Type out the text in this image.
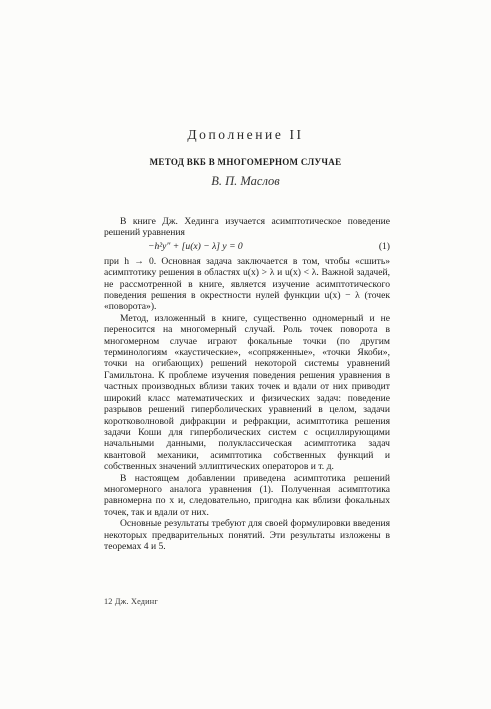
Дополнение II
МЕТОД ВКБ В МНОГОМЕРНОМ СЛУЧАЕ
В. П. Маслов

В книге Дж. Хединга изучается асимптотическое поведение решений уравнения

−h²y″ + [u(x) − λ] y = 0	(1)

при h → 0. Основная задача заключается в том, чтобы «сшить» асимптотику решения в областях u(x) > λ и u(x) < λ. Важной задачей, не рассмотренной в книге, является изучение асимптотического поведения решения в окрестности нулей функции u(x) − λ (точек «поворота»).

Метод, изложенный в книге, существенно одномерный и не переносится на многомерный случай. Роль точек поворота в многомерном случае играют фокальные точки (по другим терминологиям «каустические», «сопряженные», «точки Якоби», точки на огибающих) решений некоторой системы уравнений Гамильтона. К проблеме изучения поведения решения уравнения в частных производных вблизи таких точек и вдали от них приводит широкий класс математических и физических задач: поведение разрывов решений гиперболических уравнений в целом, задачи коротковолновой дифракции и рефракции, асимптотика решения задачи Коши для гиперболических систем с осциллирующими начальными данными, полуклассическая асимптотика задач квантовой механики, асимптотика собственных функций и собственных значений эллиптических операторов и т. д.

В настоящем добавлении приведена асимптотика решений многомерного аналога уравнения (1). Полученная асимптотика равномерна по x и, следовательно, пригодна как вблизи фокальных точек, так и вдали от них.

Основные результаты требуют для своей формулировки введения некоторых предварительных понятий. Эти результаты изложены в теоремах 4 и 5.

12 Дж. Хединг
